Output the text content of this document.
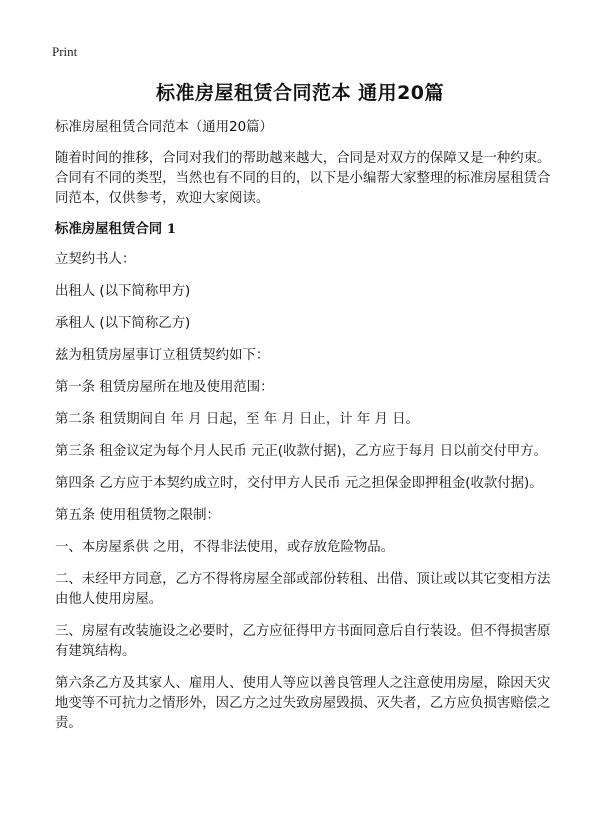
Print
标准房屋租赁合同范本 通用20篇

标准房屋租赁合同范本（通用20篇）

随着时间的推移，合同对我们的帮助越来越大，合同是对双方的保障又是一种约束。合同有不同的类型，当然也有不同的目的，以下是小编帮大家整理的标准房屋租赁合同范本，仅供参考，欢迎大家阅读。

标准房屋租赁合同 1

立契约书人：

出租人 (以下简称甲方)

承租人 (以下简称乙方)

兹为租赁房屋事订立租赁契约如下：

第一条 租赁房屋所在地及使用范围：

第二条 租赁期间自 年 月 日起，至 年 月 日止，计 年 月 日。

第三条 租金议定为每个月人民币 元正(收款付据)，乙方应于每月 日以前交付甲方。

第四条 乙方应于本契约成立时，交付甲方人民币 元之担保金即押租金(收款付据)。

第五条 使用租赁物之限制：

一、本房屋系供 之用，不得非法使用，或存放危险物品。

二、未经甲方同意，乙方不得将房屋全部或部份转租、出借、顶让或以其它变相方法由他人使用房屋。

三、房屋有改装施设之必要时，乙方应征得甲方书面同意后自行装设。但不得损害原有建筑结构。

第六条乙方及其家人、雇用人、使用人等应以善良管理人之注意使用房屋，除因天灾地变等不可抗力之情形外，因乙方之过失致房屋毁损、灭失者，乙方应负损害赔偿之责。
